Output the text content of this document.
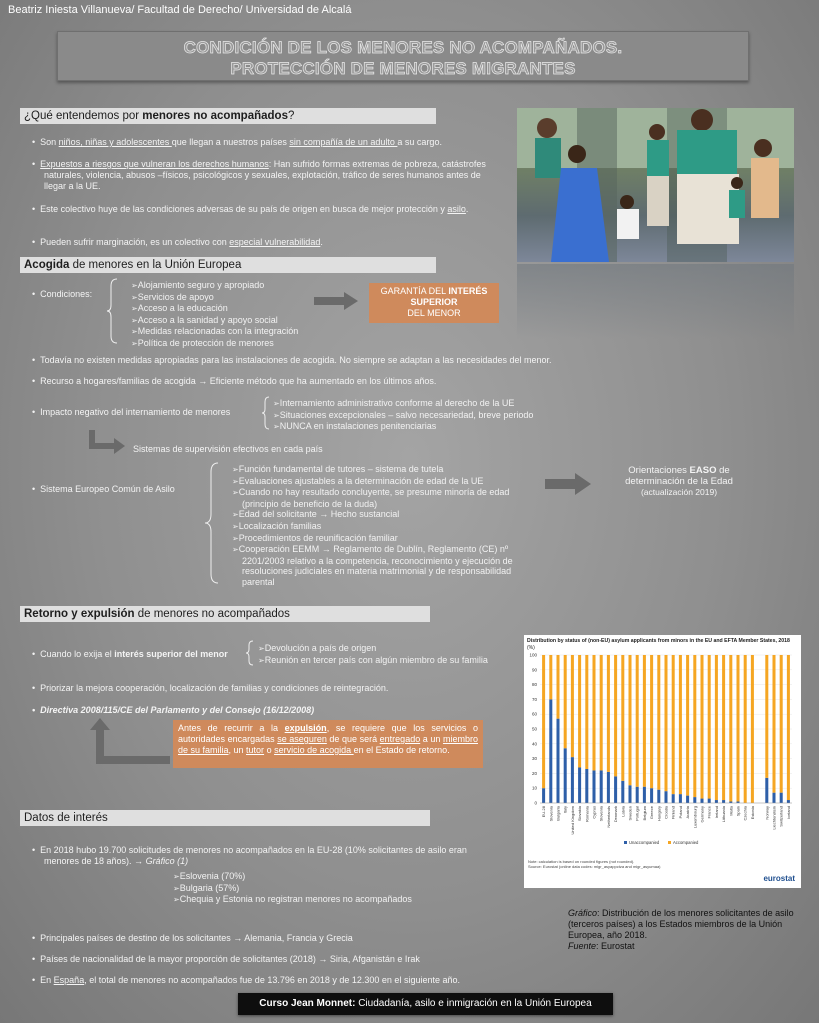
Beatriz Iniesta Villanueva/ Facultad de Derecho/ Universidad de Alcalá
CONDICIÓN DE LOS MENORES NO ACOMPAÑADOS.
PROTECCIÓN DE MENORES MIGRANTES
¿Qué entendemos por menores no acompañados?
•  Son niños, niñas y adolescentes que llegan a nuestros países sin compañía de un adulto a su cargo.
•  Expuestos a riesgos que vulneran los derechos humanos: Han sufrido formas extremas de pobreza, catástrofes naturales, violencia, abusos –físicos, psicológicos y sexuales, explotación, tráfico de seres humanos antes de llegar a la UE.
•  Este colectivo huye de las condiciones adversas de su país de origen en busca de mejor protección y asilo.
•  Pueden sufrir marginación, es un colectivo con especial vulnerabilidad.
Acogida de menores en la Unión Europea
•  Condiciones:
➢ Alojamiento seguro y apropiado
➢ Servicios de apoyo
➢ Acceso a la educación
➢ Acceso a la sanidad y apoyo social
➢ Medidas relacionadas con la integración
➢ Política de protección de menores
GARANTÍA DEL INTERÉS SUPERIOR
DEL MENOR
•  Todavía no existen medidas apropiadas para las instalaciones de acogida. No siempre se adaptan a las necesidades del menor.
•  Recurso a hogares/familias de acogida → Eficiente método que ha aumentado en los últimos años.
•  Impacto negativo del internamiento de menores
➢ Internamiento administrativo conforme al derecho de la UE
➢ Situaciones excepcionales – salvo necesariedad, breve periodo
➢ NUNCA en instalaciones penitenciarias
Sistemas de supervisión efectivos en cada país
•  Sistema Europeo Común de Asilo
➢ Función fundamental de tutores – sistema de tutela
➢ Evaluaciones ajustables a la determinación de edad de la UE
➢ Cuando no hay resultado concluyente, se presume minoría de edad (principio de beneficio de la duda)
➢ Edad del solicitante → Hecho sustancial
➢ Localización familias
➢ Procedimientos de reunificación familiar
➢ Cooperación EEMM → Reglamento de Dublín, Reglamento (CE) nº 2201/2003 relativo a la competencia, reconocimiento y ejecución de resoluciones judiciales en materia matrimonial y de responsabilidad parental
Orientaciones EASO de determinación de la Edad
(actualización 2019)
Retorno y expulsión de menores no acompañados
•  Cuando lo exija el interés superior del menor
➢ Devolución a país de origen
➢ Reunión en tercer país con algún miembro de su familia
•  Priorizar la mejora cooperación, localización de familias y condiciones de reintegración.
•  Directiva 2008/115/CE del Parlamento y del Consejo (16/12/2008)
Antes de recurrir a la expulsión, se requiere que los servicios o autoridades encargadas se aseguren de que será entregado a un miembro de su familia, un tutor o servicio de acogida en el Estado de retorno.
Distribution by status of (non-EU) asylum applicants from minors in the EU and EFTA Member States, 2018
(%)
0
10
20
30
40
50
60
70
80
90
100
EU-28 Slovenia Bulgaria Italy United Kingdom Slovakia Romania Cyprus Slovenia Netherlands Denmark Latvia Sweden Portugal Belgium Greece Hungary Croatia Finland Poland Austria Luxembourg Germany France Ireland Lithuania Malta Spain Czechia Estonia Norway Liechtenstein Switzerland Iceland
Unaccompanied	Accompanied
Note: calculation is based on rounded figures (not rounded).
Source: Eurostat (online data codes: migr_asyappctza and migr_asyumaa)
eurostat
Datos de interés
•  En 2018 hubo 19.700 solicitudes de menores no acompañados en la EU-28 (10% solicitantes de asilo eran menores de 18 años). → Gráfico (1)
➢ Eslovenia (70%)
➢ Bulgaria (57%)
➢ Chequia y Estonia no registran menores no acompañados
•  Principales países de destino de los solicitantes → Alemania, Francia y Grecia
•  Países de nacionalidad de la mayor proporción de solicitantes (2018) → Siria, Afganistán e Irak
•  En España, el total de menores no acompañados fue de 13.796 en 2018 y de 12.300 en el siguiente año.
Gráfico: Distribución de los menores solicitantes de asilo (terceros países) a los Estados miembros de la Unión Europea, año 2018.
Fuente: Eurostat
Curso Jean Monnet: Ciudadanía, asilo e inmigración en la Unión Europea
